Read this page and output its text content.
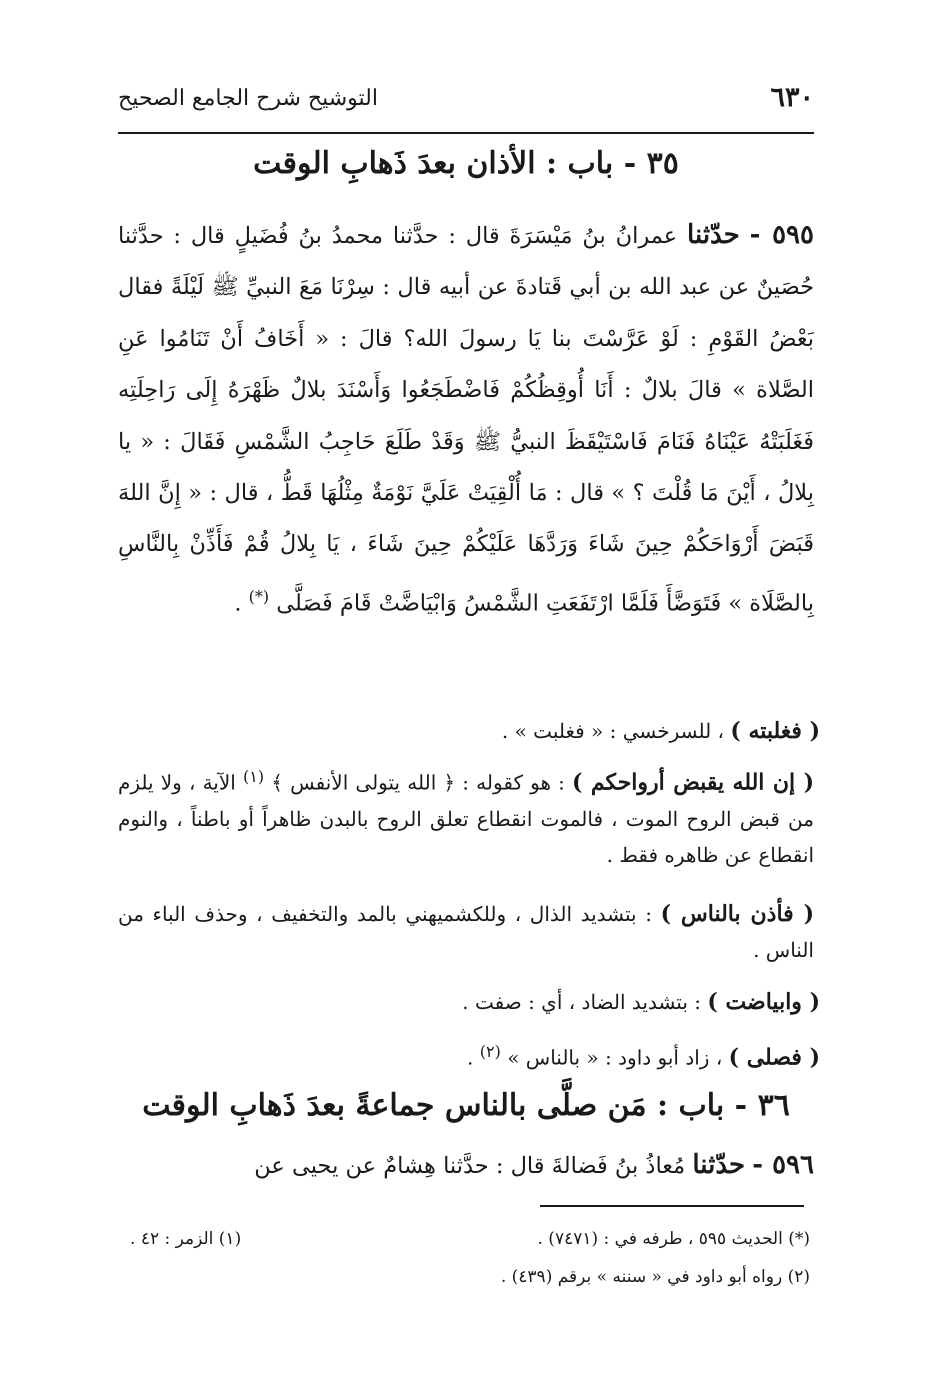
٦٣٠
التوشيح شرح الجامع الصحيح
٣٥ - باب : الأذان بعدَ ذَهابِ الوقت
٥٩٥ - حدّثنا عمرانُ بنُ مَيْسَرَةَ قال : حدَّثنا محمدُ بنُ فُضَيلٍ قال : حدَّثنا حُصَينٌ عن عبد الله بن أبي قَتادةَ عن أبيه قال : سِرْنَا مَعَ النبيِّ ﷺ لَيْلَةً فقال بَعْضُ القَوْمِ : لَوْ عَرَّسْتَ بنا يَا رسولَ الله؟ قالَ : « أَخَافُ أَنْ تَنَامُوا عَنِ الصَّلاة » قالَ بلالٌ : أَنَا أُوقِظُكُمْ فَاضْطَجَعُوا وَأَسْنَدَ بلالٌ ظَهْرَهُ إِلَى رَاحِلَتِه فَغَلَبَتْهُ عَيْنَاهُ فَنَامَ فَاسْتَيْقَظَ النبيُّ ﷺ وَقَدْ طَلَعَ حَاجِبُ الشَّمْسِ فَقَالَ : « يا بِلالُ ، أَيْنَ مَا قُلْتَ ؟ » قال : مَا أُلْقِيَتْ عَلَيَّ نَوْمَةٌ مِثْلُهَا قَطُّ ، قال : « إِنَّ اللهَ قَبَضَ أَرْوَاحَكُمْ حِينَ شَاءَ وَرَدَّهَا عَلَيْكُمْ حِينَ شَاءَ ، يَا بِلالُ قُمْ فَأَذِّنْ بِالنَّاسِ بِالصَّلَاة » فَتَوَضَّأَ فَلَمَّا ارْتَفَعَتِ الشَّمْسُ وَابْيَاضَّتْ قَامَ فَصَلَّى (*) .
( فغلبته ) ، للسرخسي : « فغلبت » .
( إن الله يقبض أرواحكم ) : هو كقوله : ﴿ الله يتولى الأنفس ﴾ $^{(١)}$ الآية ، ولا يلزم من قبض الروح الموت ، فالموت انقطاع تعلق الروح بالبدن ظاهراً أو باطناً ، والنوم انقطاع عن ظاهره فقط .
( فأذن بالناس ) : بتشديد الذال ، وللكشميهني بالمد والتخفيف ، وحذف الباء من الناس .
( وابياضت ) : بتشديد الضاد ، أي : صفت .
( فصلى ) ، زاد أبو داود : « بالناس » $^{(٢)}$ .
٣٦ - باب : مَن صلَّى بالناس جماعةً بعدَ ذَهابِ الوقت
٥٩٦ - حدّثنا مُعاذُ بنُ فَضالةَ قال : حدَّثنا هِشامٌ عن يحيى عن
(*) الحديث ٥٩٥ ، طرفه في : (٧٤٧١) .
(١) الزمر : ٤٢ .
(٢) رواه أبو داود في « سننه » برقم (٤٣٩) .
